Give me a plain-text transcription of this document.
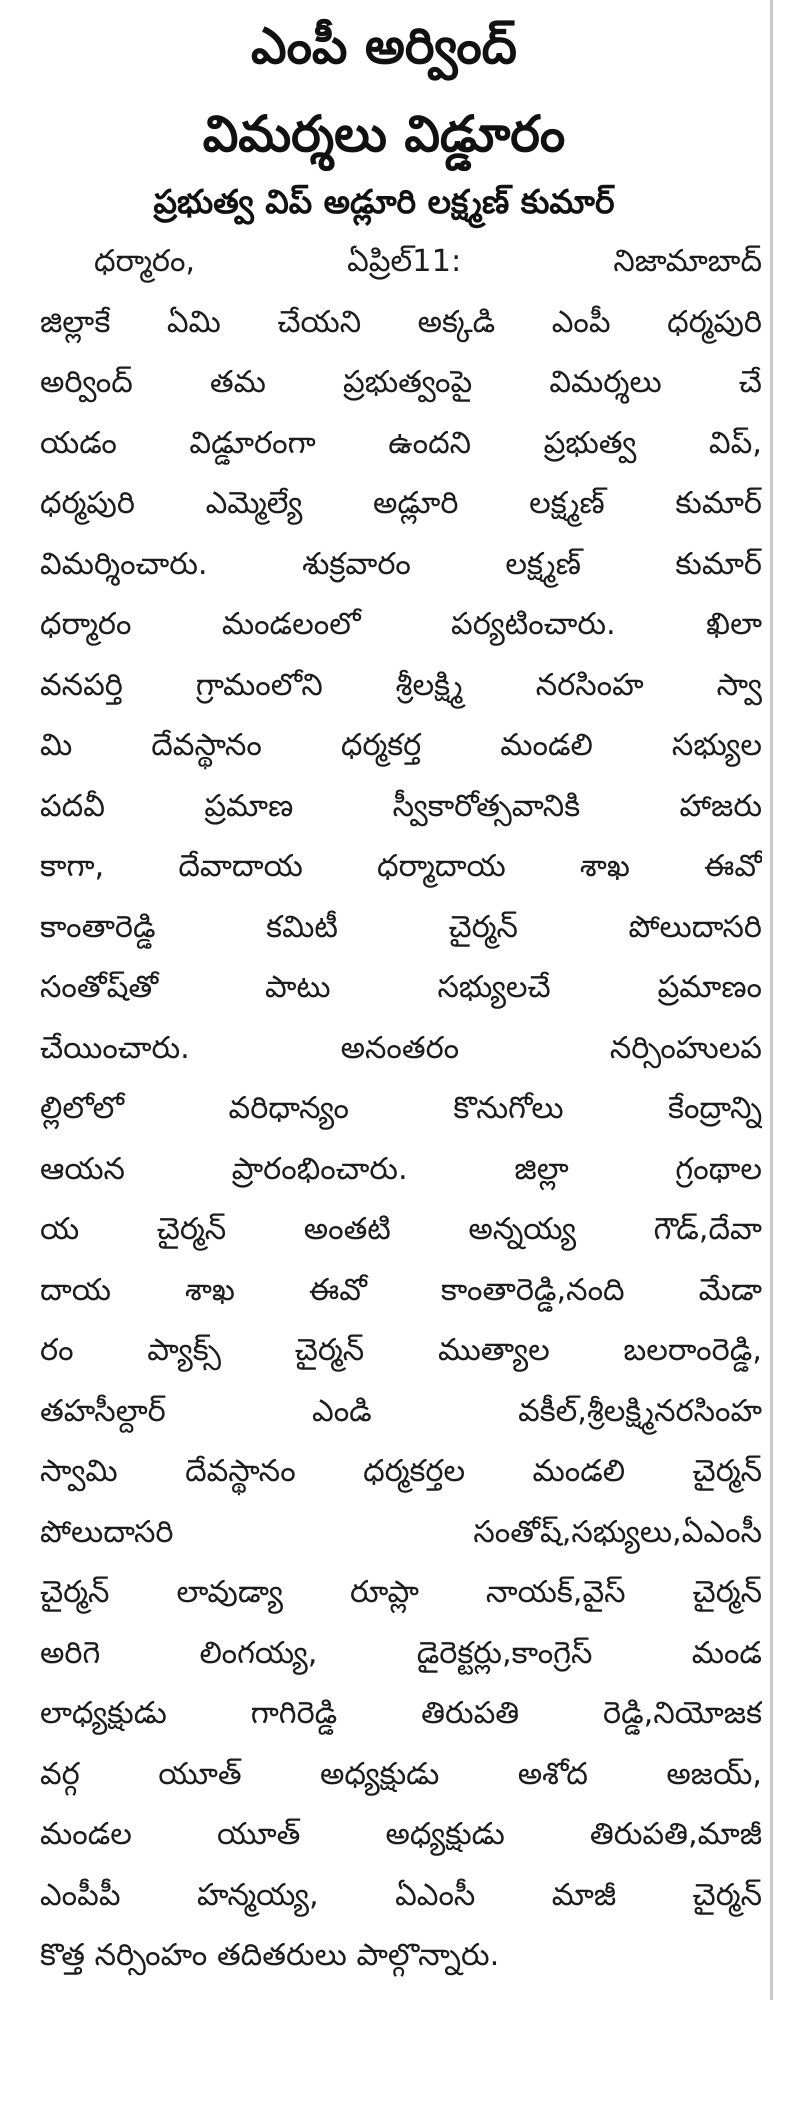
ఎంపీ అర్వింద్
విమర్శలు విడ్డూరం
ప్రభుత్వ విప్ అడ్లూరి లక్ష్మణ్ కుమార్
ధర్మారం, ఏప్రిల్11: నిజామాబాద్
జిల్లాకే ఏమి చేయని అక్కడి ఎంపీ ధర్మపురి
అర్వింద్ తమ ప్రభుత్వంపై విమర్శలు చే
యడం విడ్డూరంగా ఉందని ప్రభుత్వ విప్,
ధర్మపురి ఎమ్మెల్యే అడ్లూరి లక్ష్మణ్ కుమార్
విమర్శించారు. శుక్రవారం లక్ష్మణ్ కుమార్
ధర్మారం మండలంలో పర్యటించారు. ఖిలా
వనపర్తి గ్రామంలోని శ్రీలక్ష్మి నరసింహ స్వా
మి దేవస్థానం ధర్మకర్త మండలి సభ్యుల
పదవీ ప్రమాణ స్వీకారోత్సవానికి హాజరు
కాగా, దేవాదాయ ధర్మాదాయ శాఖ ఈవో
కాంతారెడ్డి కమిటీ చైర్మన్ పోలుదాసరి
సంతోష్‌తో పాటు సభ్యులచే ప్రమాణం
చేయించారు. అనంతరం నర్సింహులప
ల్లిలోలో వరిధాన్యం కొనుగోలు కేంద్రాన్ని
ఆయన ప్రారంభించారు. జిల్లా గ్రంథాల
య చైర్మన్ అంతటి అన్నయ్య గౌడ్,దేవా
దాయ శాఖ ఈవో కాంతారెడ్డి,నంది మేడా
రం ప్యాక్స్ చైర్మన్ ముత్యాల బలరాంరెడ్డి,
తహసీల్దార్ ఎండి వకీల్,శ్రీలక్ష్మినరసింహ
స్వామి దేవస్థానం ధర్మకర్తల మండలి చైర్మన్
పోలుదాసరి సంతోష్,సభ్యులు,ఏఎంసీ
చైర్మన్ లావుడ్యా రూప్లా నాయక్,వైస్ చైర్మన్
అరిగె లింగయ్య, డైరెక్టర్లు,కాంగ్రెస్ మండ
లాధ్యక్షుడు గాగిరెడ్డి తిరుపతి రెడ్డి,నియోజక
వర్గ యూత్ అధ్యక్షుడు అశోద అజయ్,
మండల యూత్ అధ్యక్షుడు తిరుపతి,మాజీ
ఎంపీపీ హన్మయ్య, ఏఎంసీ మాజీ చైర్మన్
కొత్త నర్సింహం తదితరులు పాల్గొన్నారు.
